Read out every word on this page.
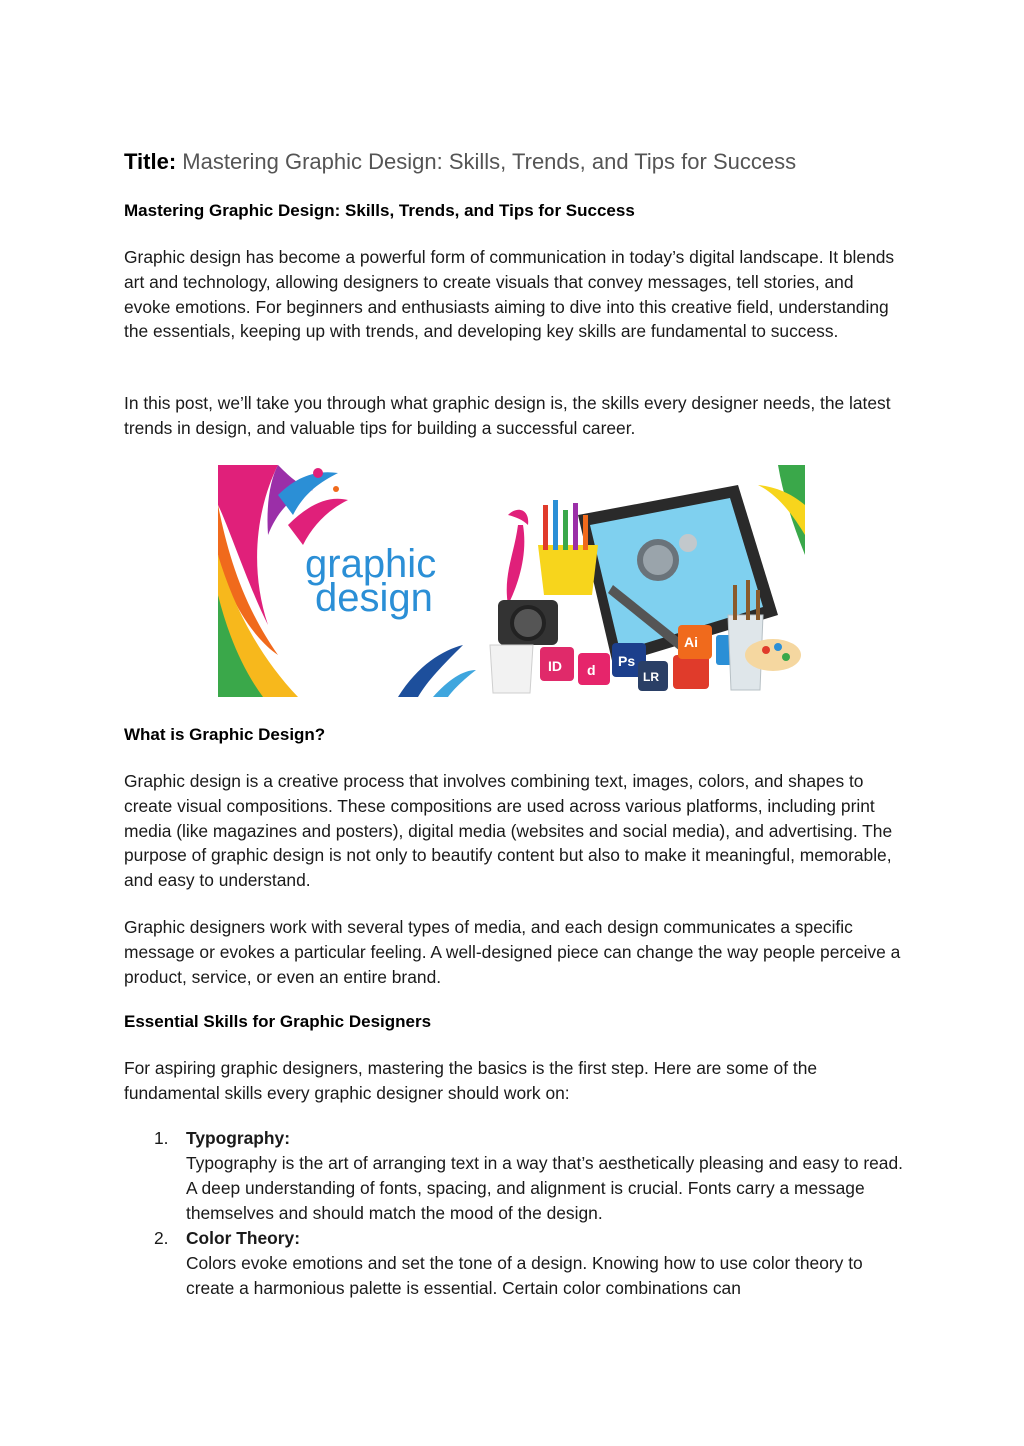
Title: Mastering Graphic Design: Skills, Trends, and Tips for Success
Mastering Graphic Design: Skills, Trends, and Tips for Success

Graphic design has become a powerful form of communication in today’s digital landscape. It blends art and technology, allowing designers to create visuals that convey messages, tell stories, and evoke emotions. For beginners and enthusiasts aiming to dive into this creative field, understanding the essentials, keeping up with trends, and developing key skills are fundamental to success.

In this post, we’ll take you through what graphic design is, the skills every designer needs, the latest trends in design, and valuable tips for building a successful career.

graphic
design
ID d
Ps
LR
Ai
What is Graphic Design?

Graphic design is a creative process that involves combining text, images, colors, and shapes to create visual compositions. These compositions are used across various platforms, including print media (like magazines and posters), digital media (websites and social media), and advertising. The purpose of graphic design is not only to beautify content but also to make it meaningful, memorable, and easy to understand.

Graphic designers work with several types of media, and each design communicates a specific message or evokes a particular feeling. A well-designed piece can change the way people perceive a product, service, or even an entire brand.

Essential Skills for Graphic Designers

For aspiring graphic designers, mastering the basics is the first step. Here are some of the fundamental skills every graphic designer should work on:

1. Typography:
Typography is the art of arranging text in a way that’s aesthetically pleasing and easy to read. A deep understanding of fonts, spacing, and alignment is crucial. Fonts carry a message themselves and should match the mood of the design.
2. Color Theory:
Colors evoke emotions and set the tone of a design. Knowing how to use color theory to create a harmonious palette is essential. Certain color combinations can
